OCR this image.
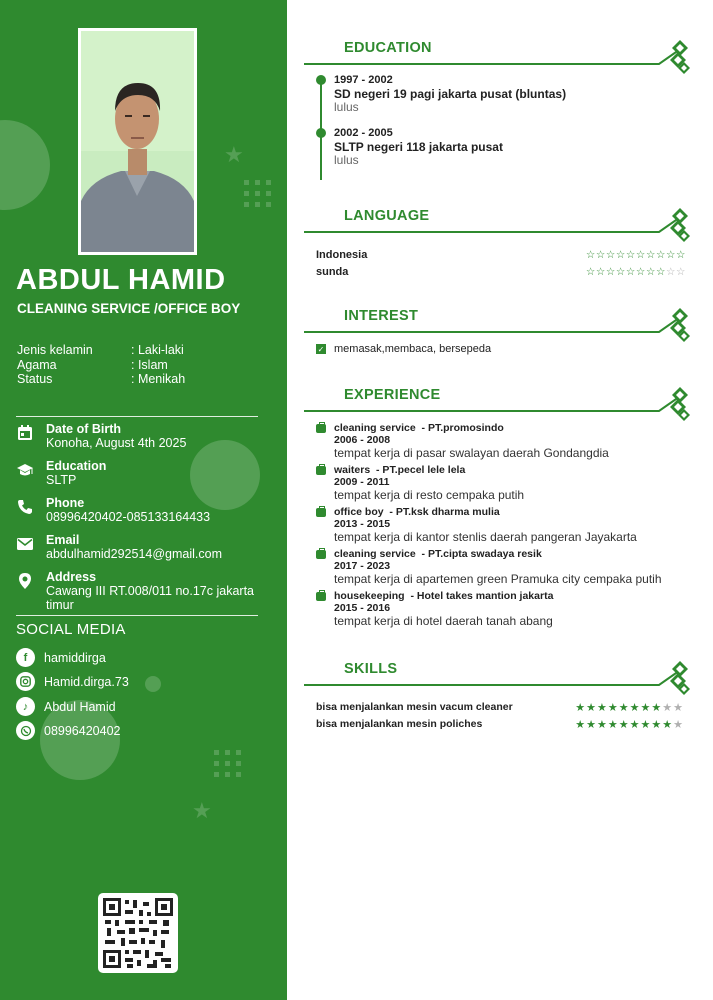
★
★
ABDUL HAMID
CLEANING SERVICE /OFFICE BOY
Jenis kelamin	: Laki-laki
Agama	: Islam
Status	: Menikah
Date of Birth
Konoha, August 4th 2025
Education
SLTP
Phone
08996420402-085133164433
Email
abdulhamid292514@gmail.com
Address
Cawang III RT.008/011 no.17c jakarta timur
SOCIAL MEDIA
f	hamiddirga
Hamid.dirga.73
♪	Abdul Hamid
08996420402
EDUCATION
1997 - 2002
SD negeri 19 pagi jakarta pusat (bluntas)
lulus
2002 - 2005
SLTP negeri 118 jakarta pusat
lulus
LANGUAGE
Indonesia	☆☆☆☆☆☆☆☆☆☆
sunda	☆☆☆☆☆☆☆☆☆☆
INTEREST
✓ memasak,membaca, bersepeda
EXPERIENCE
cleaning service - PT.promosindo
2006 - 2008
tempat kerja di pasar swalayan daerah Gondangdia
waiters - PT.pecel lele lela
2009 - 2011
tempat kerja di resto cempaka putih
office boy - PT.ksk dharma mulia
2013 - 2015
tempat kerja di kantor stenlis daerah pangeran Jayakarta
cleaning service - PT.cipta swadaya resik
2017 - 2023
tempat kerja di apartemen green Pramuka city cempaka putih
housekeeping - Hotel takes mantion jakarta
2015 - 2016
tempat kerja di hotel daerah tanah abang
SKILLS
bisa menjalankan mesin vacum cleaner	★★★★★★★★★★
bisa menjalankan mesin poliches	★★★★★★★★★★
